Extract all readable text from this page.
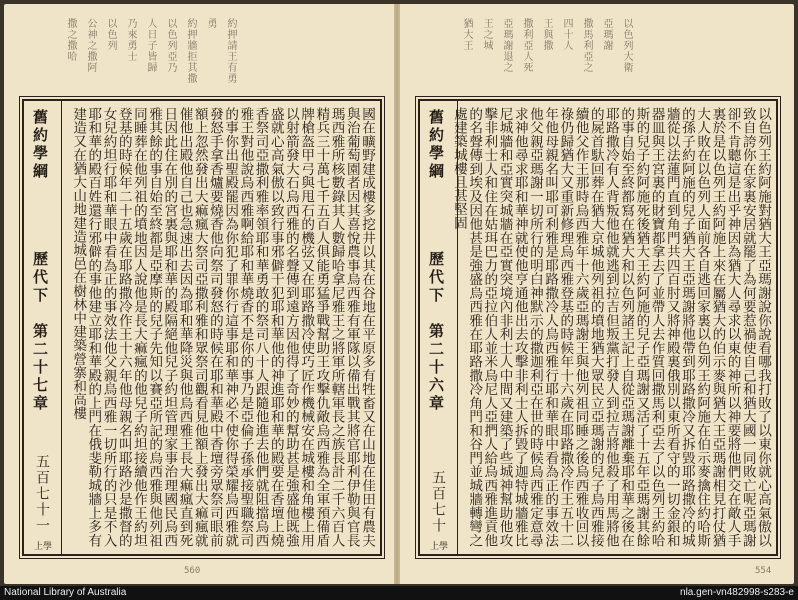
約押請王有勇
勇
約押牆拒其撒
以色列亞乃
人日子皆歸
乃來勇士
以色列
公神之撒阿
撒之撒哈
舊約學綱
歷代下　第二十七章
五百七十一
上學	國在曠野建成樓多挖井以其在谷地在平原多有牲畜又在山地在佳田有農夫與治葡萄園者因其喜悅農事烏西雅有軍隊以備出戰其將官耶利伊勒與官長瑪西雅所核數錄其人數歸哈拿尼雅王之將軍所轄軍長之族長計二千六百人精兵三十萬七千五百人俱能勇猛爭戰幫助王攻擊仇敵烏西雅為全軍預備盾牌槍盔甲弓與甩石的機弦又在耶路撒冷使巧匠作機械安在城樓和角樓上用以射箭發大石烏西雅的名聲傳到遠方因他得了奇妙的幫助甚是強盛他既強盛就心高氣傲以致行事邪僻干犯耶和華他的神進耶和華的殿要在香壇上燒香祭司亞撒利雅率領耶和華勇敢的祭司八十人跟隨他進去他們就阻擋烏西雅王對他說烏西雅啊給耶和華燒香不是你的事乃是亞倫子孫承接聖職祭司的事你出聖殿罷因為你犯了罪你行這事耶和華神必不使你得榮耀烏西雅就發怒手拿香爐要燒香他向祭司發怒的時候在耶和華殿中香壇旁眾祭司眼前額上忽然發出大痲瘋大祭司亞撒利雅和眾祭司觀看見他額上發出大痲瘋就催他出殿他自己也急速出去因為耶和華降災與他烏西雅王長大痲瘋直到死日因此住在別的宮裏與耶和華的殿隔絕他兒子約坦管理家事治理國民烏西雅其餘的事自始至終都是亞摩斯的兒子先知以賽亞所記的烏西雅與他列祖同睡葬在他列祖的墳地因人說他是長大痲瘋的他兒子約坦接續他作王約坦登基的時候年二十五歲在耶路撒冷作王十六年他母親名叫耶路沙是撒督的女兒約坦行耶和華眼中看為正的事效法他父親烏西雅一切所行的只是不入耶和華的殿百姓還行邪僻的事他建立耶和華殿的上門在俄斐勒城牆上多有建造又在猶大山地建造城邑在樹林中建築營寨和高樓
560
以色列大衛
亞瑪謝
撒馬利亞之
四十人
王與撒
撒利亞人死
亞瑪謝退之
王之城
猶大王
舊約學綱
歷代下　第二十六章
五百七十
上學	以色列王約阿施對猶大王亞瑪謝說你說看哪我打敗了以東你就心高氣傲以致自誇你在家裏安居就罷了為何要惹禍使自己和猶大國一同敗亡呢亞瑪謝卻不肯聽這是出乎神因為猶大人尋求以東的神所以神要將他們交在敵人手裏於是以色列王約阿施上來在屬猶大的伯示麥與猶大王亞瑪謝相見打仗猶大人敗在以色列人面前各自逃回家裏以色列王約阿施在伯示麥擒住約哈斯的孫子約阿施的兒子猶大王亞瑪謝將他帶到耶路撒冷又拆毀耶路撒冷的城牆從以法蓮門直到角門共四百肘又將神殿裏俄別以東所看守的一切金銀和器皿與王宮裏的財寶都拿去了並帶人去作質回撒馬利亞去了以色列王約哈斯的兒子約阿施死後猶大王約阿施的兒子亞瑪謝又活了十五年亞瑪謝其餘的事自始至終都寫在猶大和以色列諸王記上自從亞瑪謝離棄耶和華之後在耶路撒冷有人背叛他他就逃到拉吉但叛黨打發人到拉吉將他殺了用馬將他的屍首馱回葬在猶大京城他列祖的墳地猶大眾民立亞瑪謝的兒子烏西雅接續他父作王那時烏西雅年十六歲亞瑪謝王與他列祖同睡之後烏西雅收回以祿仍歸猶大又重新修理烏西雅登基的時候年十六歲在耶路撒冷作王五十二年他母親名叫耶可利雅是耶路撒冷人烏西雅行耶和華眼中看為正的事效法他父親亞瑪謝一切所行的明白神默示的撒迦利亞在世的時候烏西雅定意尋求神他尋求耶和華神就使他亨通他出去攻擊非利士人拆毀了迦特城牆雅比尼城牆和亞實突城牆在亞實突境內非利士人中間又建築了些城神幫助他攻擊非利士人和住在姑珥巴力的亞拉伯人並米烏尼人亞捫人給烏西雅進貢他的名聲傳到埃及因他甚是強盛烏西雅在耶路撒冷角門和谷門並城牆轉彎之處建築城樓且甚堅固
554
National Library of Australia	nla.gen-vn482998-s283-e
